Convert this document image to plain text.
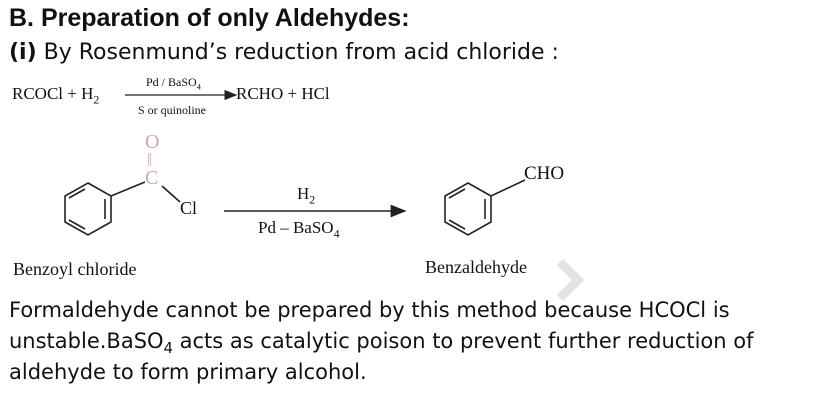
B. Preparation of only Aldehydes:
(i) By Rosenmund’s reduction from acid chloride :
RCOCl + $H_2$
Pd / BaSO$_4$
S or quinoline
RCHO + HCl
O
||
C
Cl
$H_2$
Pd – BaSO$_4$
CHO
Benzoyl chloride	Benzaldehyde
Formaldehyde cannot be prepared by this method because HCOCl is
unstable.BaSO$_4$ acts as catalytic poison to prevent further reduction of
aldehyde to form primary alcohol.
